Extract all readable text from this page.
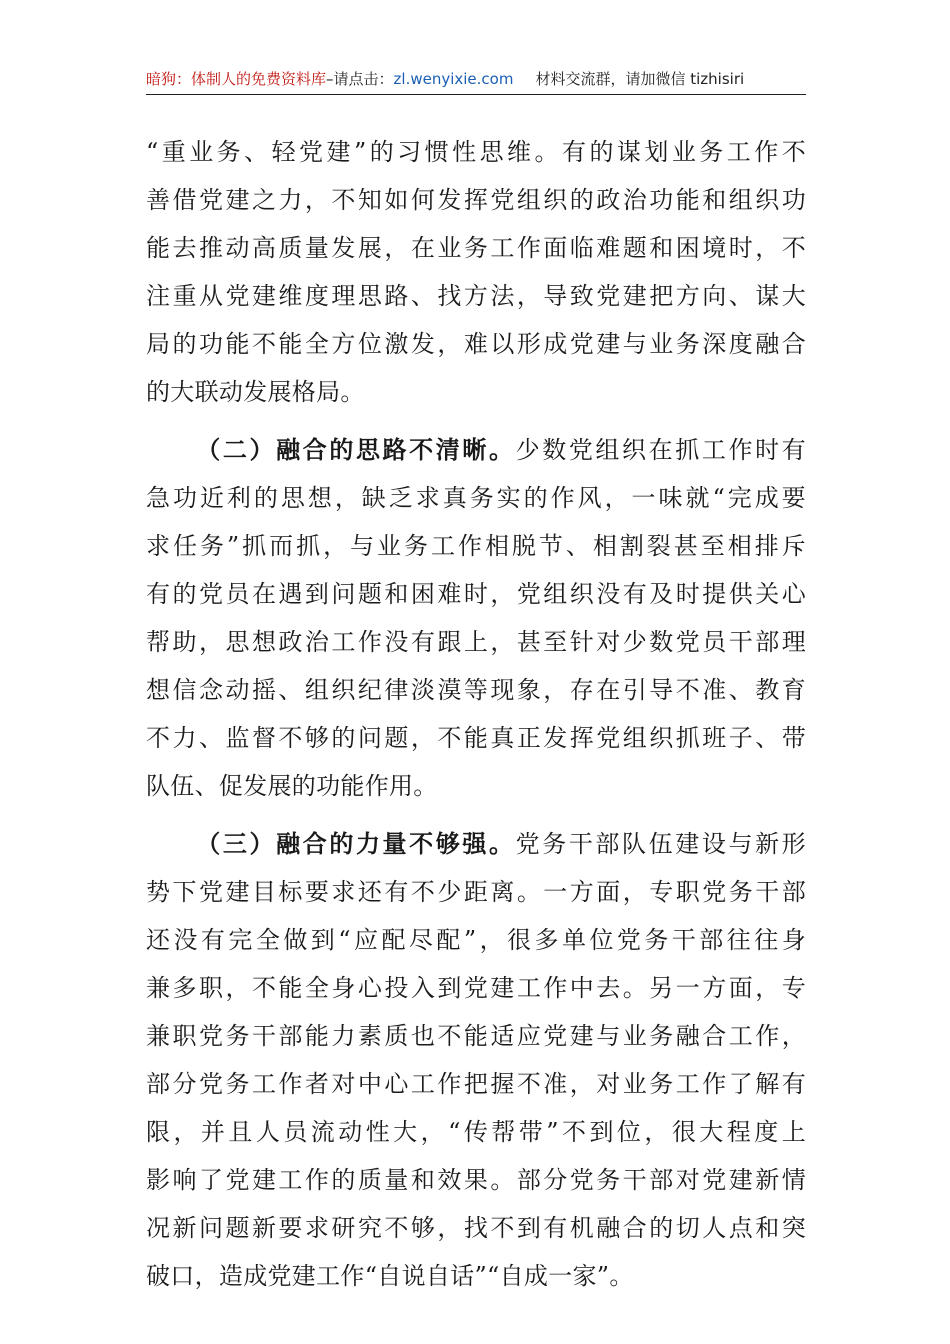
暗狗：体制人的免费资料库–请点击：zl.wenyixie.com 材料交流群，请加微信 tizhisiri
“重业务、轻党建”的习惯性思维。有的谋划业务工作不
善借党建之力，不知如何发挥党组织的政治功能和组织功
能去推动高质量发展，在业务工作面临难题和困境时，不
注重从党建维度理思路、找方法，导致党建把方向、谋大
局的功能不能全方位激发，难以形成党建与业务深度融合
的大联动发展格局。
（二）融合的思路不清晰。少数党组织在抓工作时有
急功近利的思想，缺乏求真务实的作风，一味就“完成要
求任务”抓而抓，与业务工作相脱节、相割裂甚至相排斥
有的党员在遇到问题和困难时，党组织没有及时提供关心
帮助，思想政治工作没有跟上，甚至针对少数党员干部理
想信念动摇、组织纪律淡漠等现象，存在引导不准、教育
不力、监督不够的问题，不能真正发挥党组织抓班子、带
队伍、促发展的功能作用。
（三）融合的力量不够强。党务干部队伍建设与新形
势下党建目标要求还有不少距离。一方面，专职党务干部
还没有完全做到“应配尽配”，很多单位党务干部往往身
兼多职，不能全身心投入到党建工作中去。另一方面，专
兼职党务干部能力素质也不能适应党建与业务融合工作，
部分党务工作者对中心工作把握不准，对业务工作了解有
限，并且人员流动性大，“传帮带”不到位，很大程度上
影响了党建工作的质量和效果。部分党务干部对党建新情
况新问题新要求研究不够，找不到有机融合的切人点和突
破口，造成党建工作“自说自话”“自成一家”。
